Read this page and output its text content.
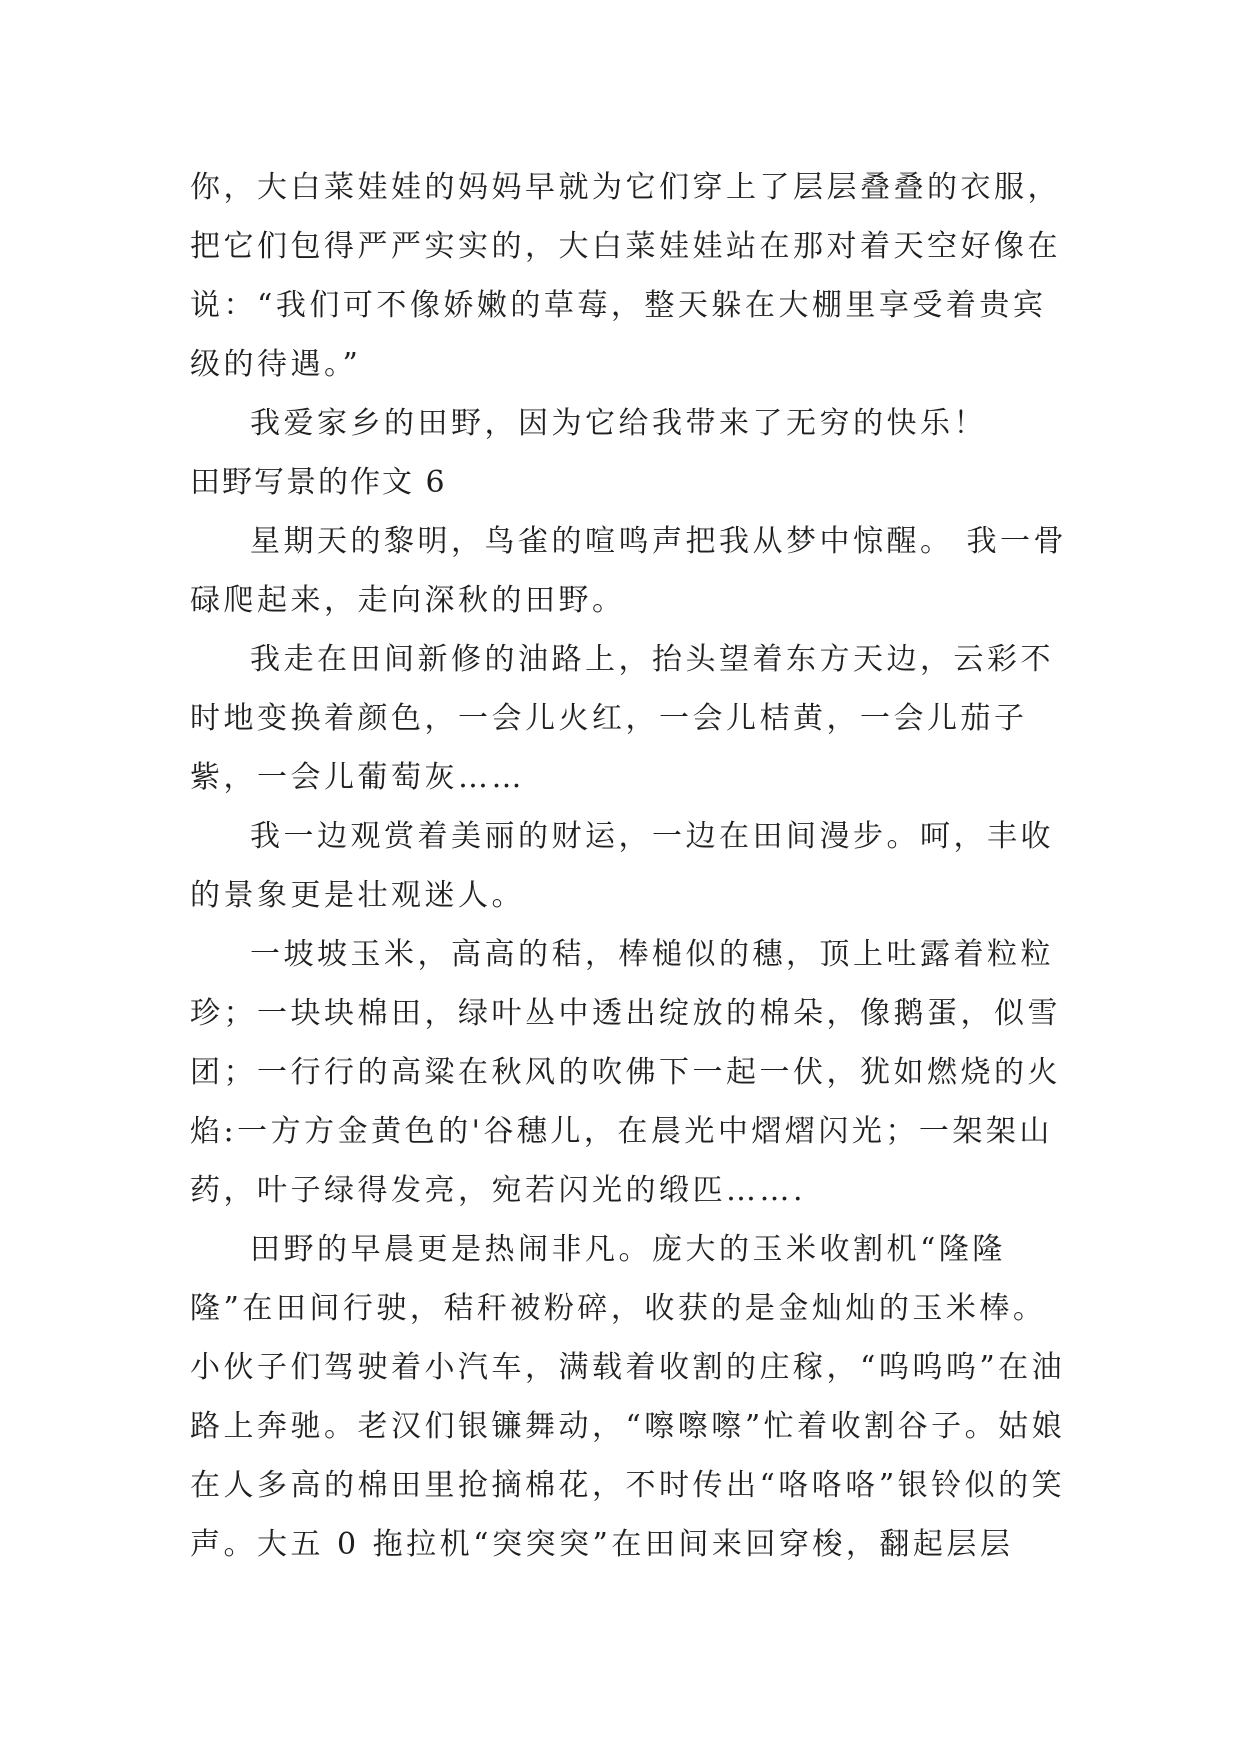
你，大白菜娃娃的妈妈早就为它们穿上了层层叠叠的衣服，把它们包得严严实实的，大白菜娃娃站在那对着天空好像在说：“我们可不像娇嫩的草莓，整天躲在大棚里享受着贵宾级的待遇。”

我爱家乡的田野，因为它给我带来了无穷的快乐！

田野写景的作文 6

星期天的黎明，鸟雀的喧鸣声把我从梦中惊醒。 我一骨碌爬起来，走向深秋的田野。

我走在田间新修的油路上，抬头望着东方天边，云彩不时地变换着颜色，一会儿火红，一会儿桔黄，一会儿茄子紫，一会儿葡萄灰……

我一边观赏着美丽的财运，一边在田间漫步。呵，丰收的景象更是壮观迷人。

一坡坡玉米，高高的秸，棒槌似的穗，顶上吐露着粒粒珍；一块块棉田，绿叶丛中透出绽放的棉朵，像鹅蛋，似雪团；一行行的高粱在秋风的吹佛下一起一伏，犹如燃烧的火焰:一方方金黄色的'谷穗儿，在晨光中熠熠闪光；一架架山药，叶子绿得发亮，宛若闪光的缎匹…….

田野的早晨更是热闹非凡。庞大的玉米收割机“隆隆隆”在田间行驶，秸秆被粉碎，收获的是金灿灿的玉米棒。小伙子们驾驶着小汽车，满载着收割的庄稼，“呜呜呜”在油路上奔驰。老汉们银镰舞动，“嚓嚓嚓”忙着收割谷子。姑娘在人多高的棉田里抢摘棉花，不时传出“咯咯咯”银铃似的笑声。大五 0 拖拉机“突突突”在田间来回穿梭，翻起层层
